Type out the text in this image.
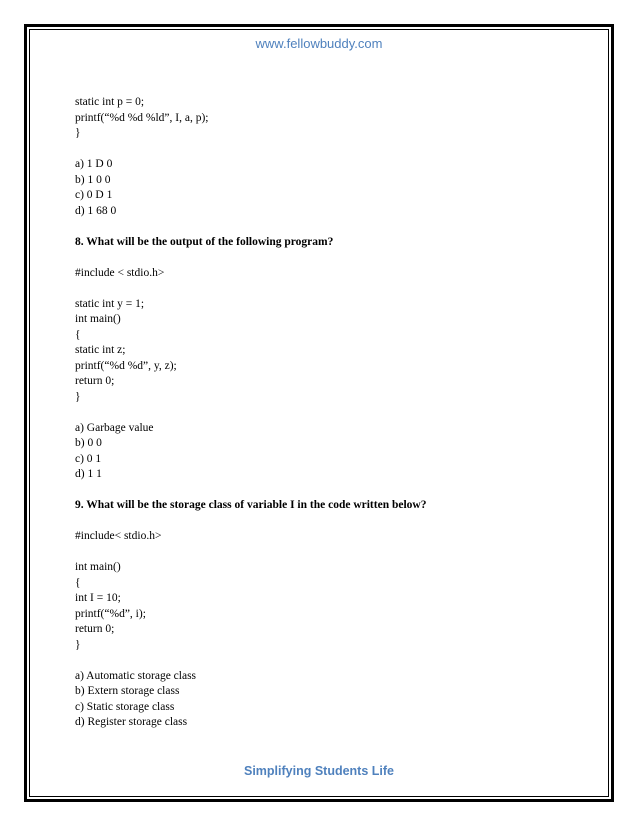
www.fellowbuddy.com
static int p = 0;
printf(“%d %d %ld”, I, a, p);
}
a) 1 D 0
b) 1 0 0
c) 0 D 1
d) 1 68 0
8. What will be the output of the following program?
#include < stdio.h>
static int y = 1;
int main()
{
static int z;
printf(“%d %d”, y, z);
return 0;
}
a) Garbage value
b) 0 0
c) 0 1
d) 1 1
9. What will be the storage class of variable I in the code written below?
#include< stdio.h>
int main()
{
int I = 10;
printf(“%d”, i);
return 0;
}
a) Automatic storage class
b) Extern storage class
c) Static storage class
d) Register storage class
Simplifying Students Life
